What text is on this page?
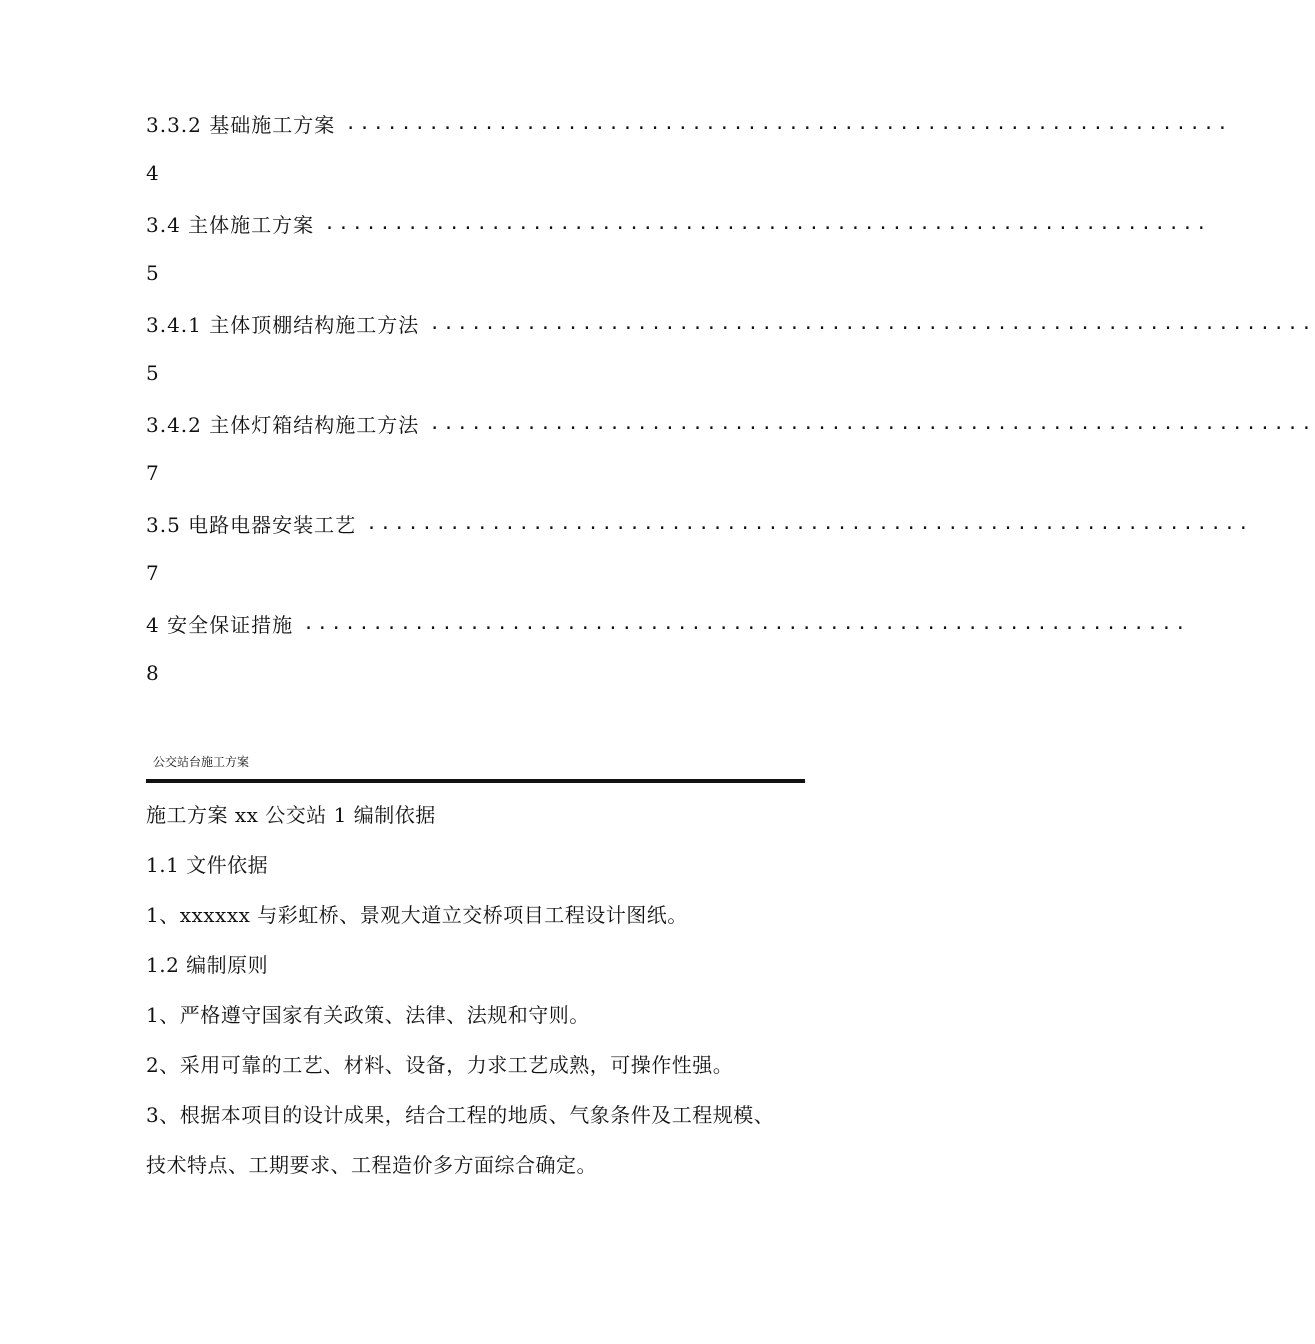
3.3.2 基础施工方案 ................................................................
4
3.4 主体施工方案 ................................................................
5
3.4.1 主体顶棚结构施工方法 ................................................................
5
3.4.2 主体灯箱结构施工方法 ................................................................
7
3.5 电路电器安装工艺 ................................................................
7
4 安全保证措施 ................................................................
8
公交站台施工方案
施工方案 xx 公交站 1 编制依据
1.1 文件依据
1、xxxxxx 与彩虹桥、景观大道立交桥项目工程设计图纸。
1.2 编制原则
1、严格遵守国家有关政策、法律、法规和守则。
2、采用可靠的工艺、材料、设备，力求工艺成熟，可操作性强。
3、根据本项目的设计成果，结合工程的地质、气象条件及工程规模、
技术特点、工期要求、工程造价多方面综合确定。
